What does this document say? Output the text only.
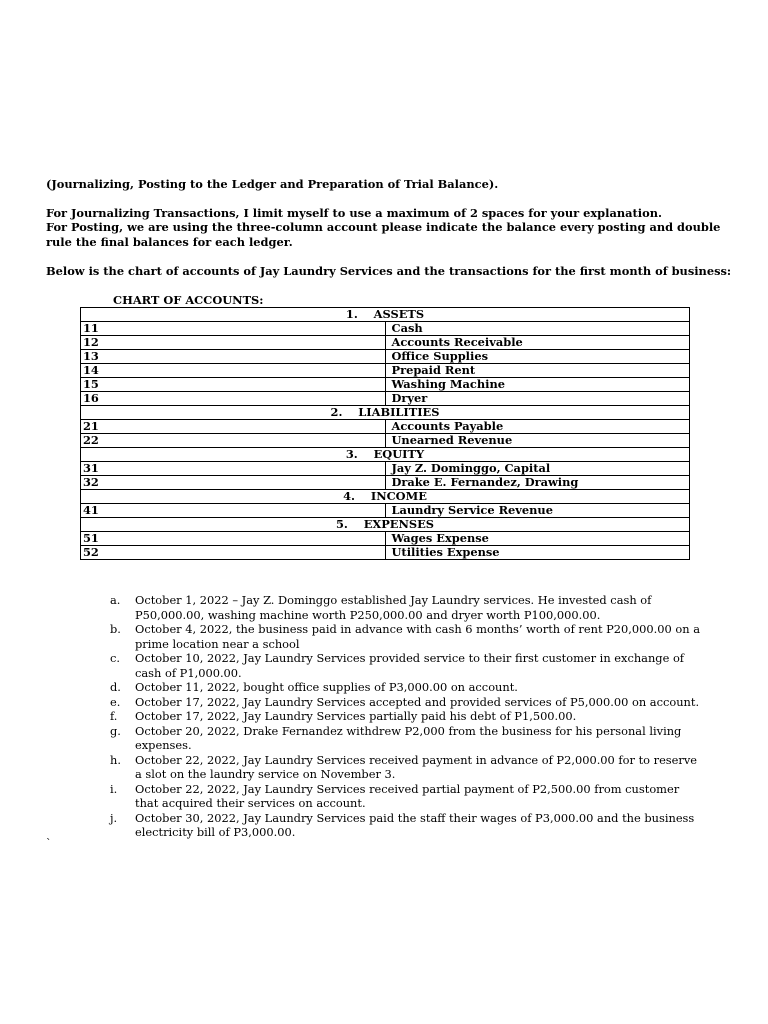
(Journalizing, Posting to the Ledger and Preparation of Trial Balance).

For Journalizing Transactions, I limit myself to use a maximum of 2 spaces for your explanation.

For Posting, we are using the three-column account please indicate the balance every posting and double

rule the final balances for each ledger.

Below is the chart of accounts of Jay Laundry Services and the transactions for the first month of business:

CHART OF ACCOUNTS:

1.    ASSETS	
11	Cash
12	Accounts Receivable
13	Office Supplies
14	Prepaid Rent
15	Washing Machine
16	Dryer
2.    LIABILITIES	
21	Accounts Payable
22	Unearned Revenue
3.    EQUITY	
31	Jay Z. Dominggo, Capital
32	Drake E. Fernandez, Drawing
4.    INCOME	
41	Laundry Service Revenue
5.    EXPENSES	
51	Wages Expense
52	Utilities Expense
a.	October 1, 2022 – Jay Z. Dominggo established Jay Laundry services. He invested cash of
P50,000.00, washing machine worth P250,000.00 and dryer worth P100,000.00.
b.	October 4, 2022, the business paid in advance with cash 6 months’ worth of rent P20,000.00 on a
prime location near a school
c.	October 10, 2022, Jay Laundry Services provided service to their first customer in exchange of
cash of P1,000.00.
d.	October 11, 2022, bought office supplies of P3,000.00 on account.
e.	October 17, 2022, Jay Laundry Services accepted and provided services of P5,000.00 on account.
f.	October 17, 2022, Jay Laundry Services partially paid his debt of P1,500.00.
g.	October 20, 2022, Drake Fernandez withdrew P2,000 from the business for his personal living
expenses.
h.	October 22, 2022, Jay Laundry Services received payment in advance of P2,000.00 for to reserve
a slot on the laundry service on November 3.
i.	October 22, 2022, Jay Laundry Services received partial payment of P2,500.00 from customer
that acquired their services on account.
j.	October 30, 2022, Jay Laundry Services paid the staff their wages of P3,000.00 and the business
electricity bill of P3,000.00.
`
